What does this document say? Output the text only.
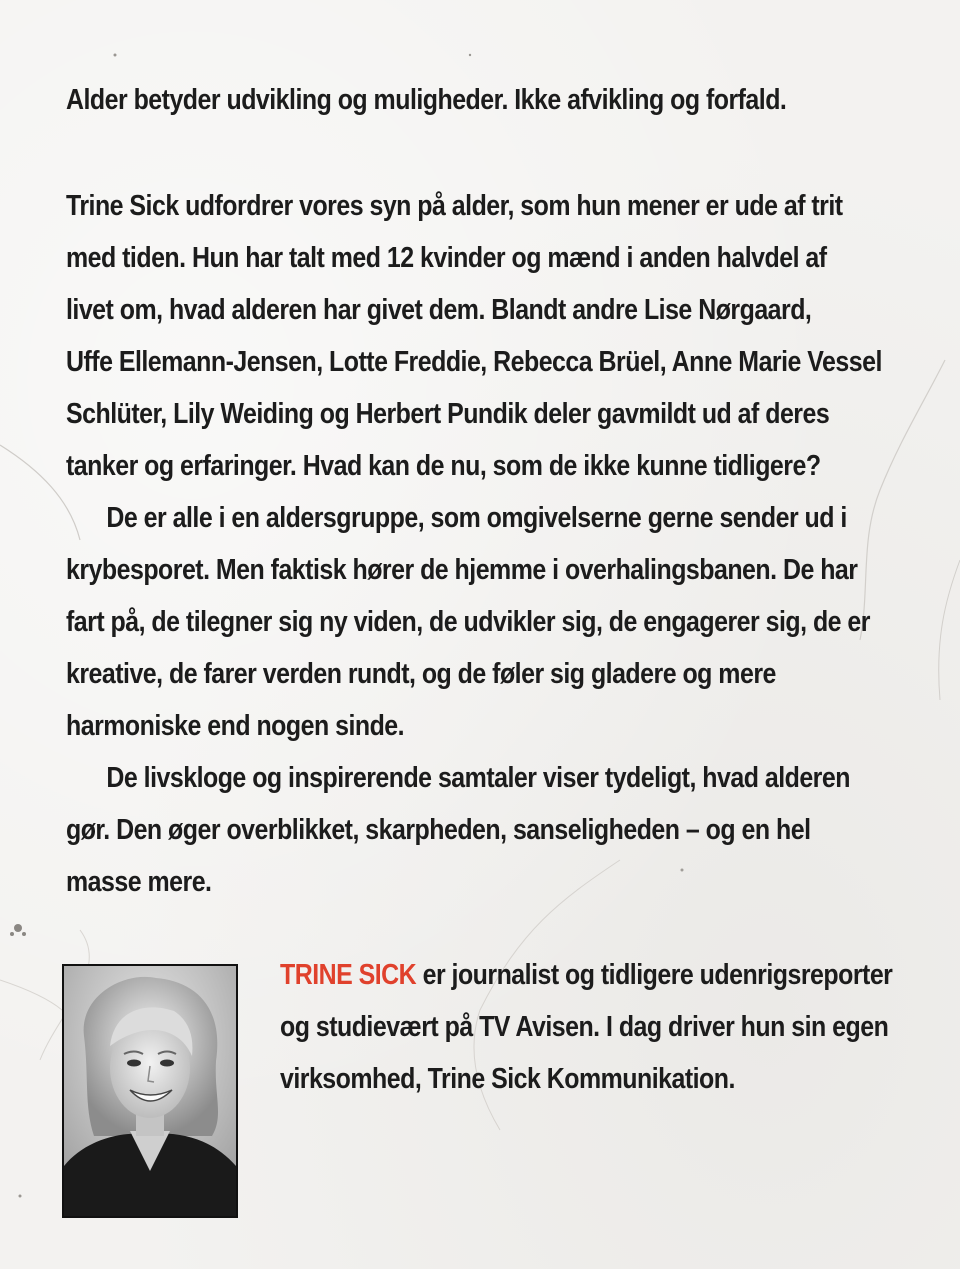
Alder betyder udvikling og muligheder. Ikke afvikling og forfald.
Trine Sick udfordrer vores syn på alder, som hun mener er ude af trit
med tiden. Hun har talt med 12 kvinder og mænd i anden halvdel af
livet om, hvad alderen har givet dem. Blandt andre Lise Nørgaard,
Uffe Ellemann-Jensen, Lotte Freddie, Rebecca Brüel, Anne Marie Vessel
Schlüter, Lily Weiding og Herbert Pundik deler gavmildt ud af deres
tanker og erfaringer. Hvad kan de nu, som de ikke kunne tidligere?
De er alle i en aldersgruppe, som omgivelserne gerne sender ud i
krybesporet. Men faktisk hører de hjemme i overhalingsbanen. De har
fart på, de tilegner sig ny viden, de udvikler sig, de engagerer sig, de er
kreative, de farer verden rundt, og de føler sig gladere og mere
harmoniske end nogen sinde.
De livskloge og inspirerende samtaler viser tydeligt, hvad alderen
gør. Den øger overblikket, skarpheden, sanseligheden – og en hel
masse mere.
TRINE SICK er journalist og tidligere udenrigsreporter
og studievært på TV Avisen. I dag driver hun sin egen
virksomhed, Trine Sick Kommunikation.
